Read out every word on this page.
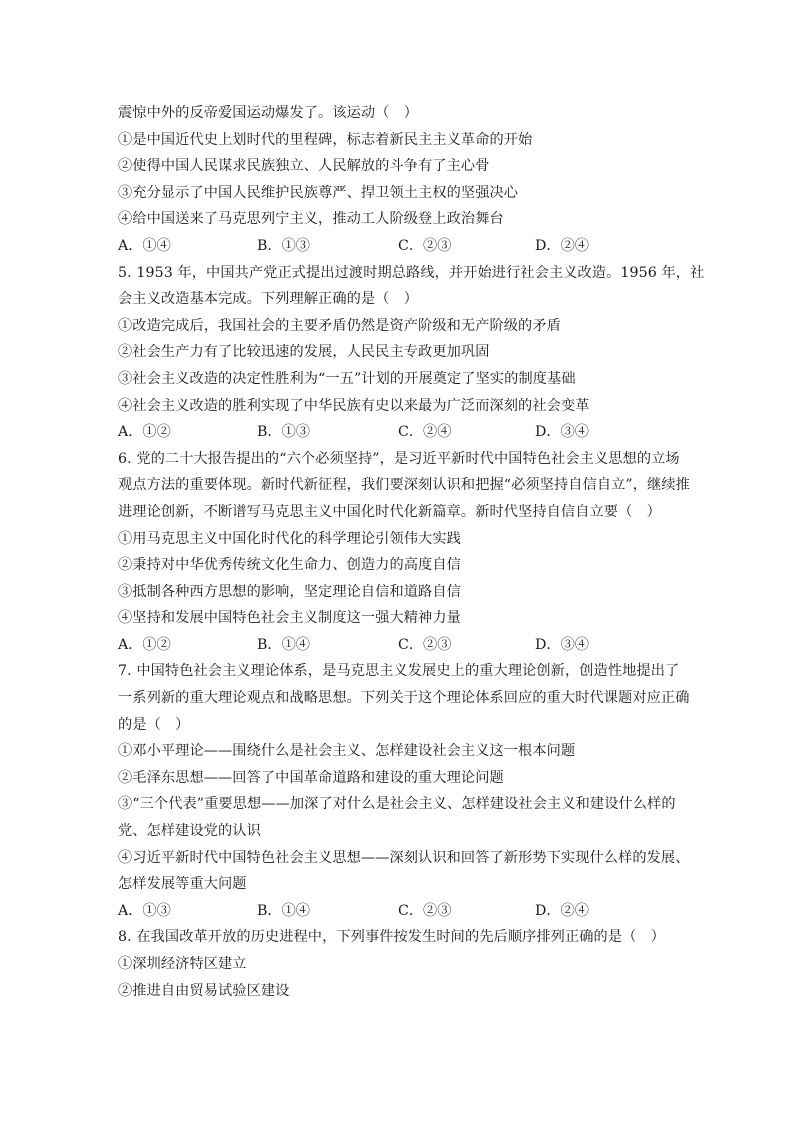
震惊中外的反帝爱国运动爆发了。该运动（　）
①是中国近代史上划时代的里程碑，标志着新民主主义革命的开始
②使得中国人民谋求民族独立、人民解放的斗争有了主心骨
③充分显示了中国人民维护民族尊严、捍卫领土主权的坚强决心
④给中国送来了马克思列宁主义，推动工人阶级登上政治舞台
A．①④	B．①③	C．②③	D．②④
5. 1953 年，中国共产党正式提出过渡时期总路线，并开始进行社会主义改造。1956 年，社
会主义改造基本完成。下列理解正确的是（　）
①改造完成后，我国社会的主要矛盾仍然是资产阶级和无产阶级的矛盾
②社会生产力有了比较迅速的发展，人民民主专政更加巩固
③社会主义改造的决定性胜利为“一五”计划的开展奠定了坚实的制度基础
④社会主义改造的胜利实现了中华民族有史以来最为广泛而深刻的社会变革
A．①②	B．①③	C．②④	D．③④
6. 党的二十大报告提出的“六个必须坚持”，是习近平新时代中国特色社会主义思想的立场
观点方法的重要体现。新时代新征程，我们要深刻认识和把握“必须坚持自信自立”，继续推
进理论创新，不断谱写马克思主义中国化时代化新篇章。新时代坚持自信自立要（　）
①用马克思主义中国化时代化的科学理论引领伟大实践
②秉持对中华优秀传统文化生命力、创造力的高度自信
③抵制各种西方思想的影响，坚定理论自信和道路自信
④坚持和发展中国特色社会主义制度这一强大精神力量
A．①②	B．①④	C．②③	D．③④
7. 中国特色社会主义理论体系，是马克思主义发展史上的重大理论创新，创造性地提出了
一系列新的重大理论观点和战略思想。下列关于这个理论体系回应的重大时代课题对应正确
的是（　）
①邓小平理论——围绕什么是社会主义、怎样建设社会主义这一根本问题
②毛泽东思想——回答了中国革命道路和建设的重大理论问题
③“三个代表”重要思想——加深了对什么是社会主义、怎样建设社会主义和建设什么样的
党、怎样建设党的认识
④习近平新时代中国特色社会主义思想——深刻认识和回答了新形势下实现什么样的发展、
怎样发展等重大问题
A．①③	B．①④	C．②③	D．②④
8. 在我国改革开放的历史进程中，下列事件按发生时间的先后顺序排列正确的是（　）
①深圳经济特区建立
②推进自由贸易试验区建设
